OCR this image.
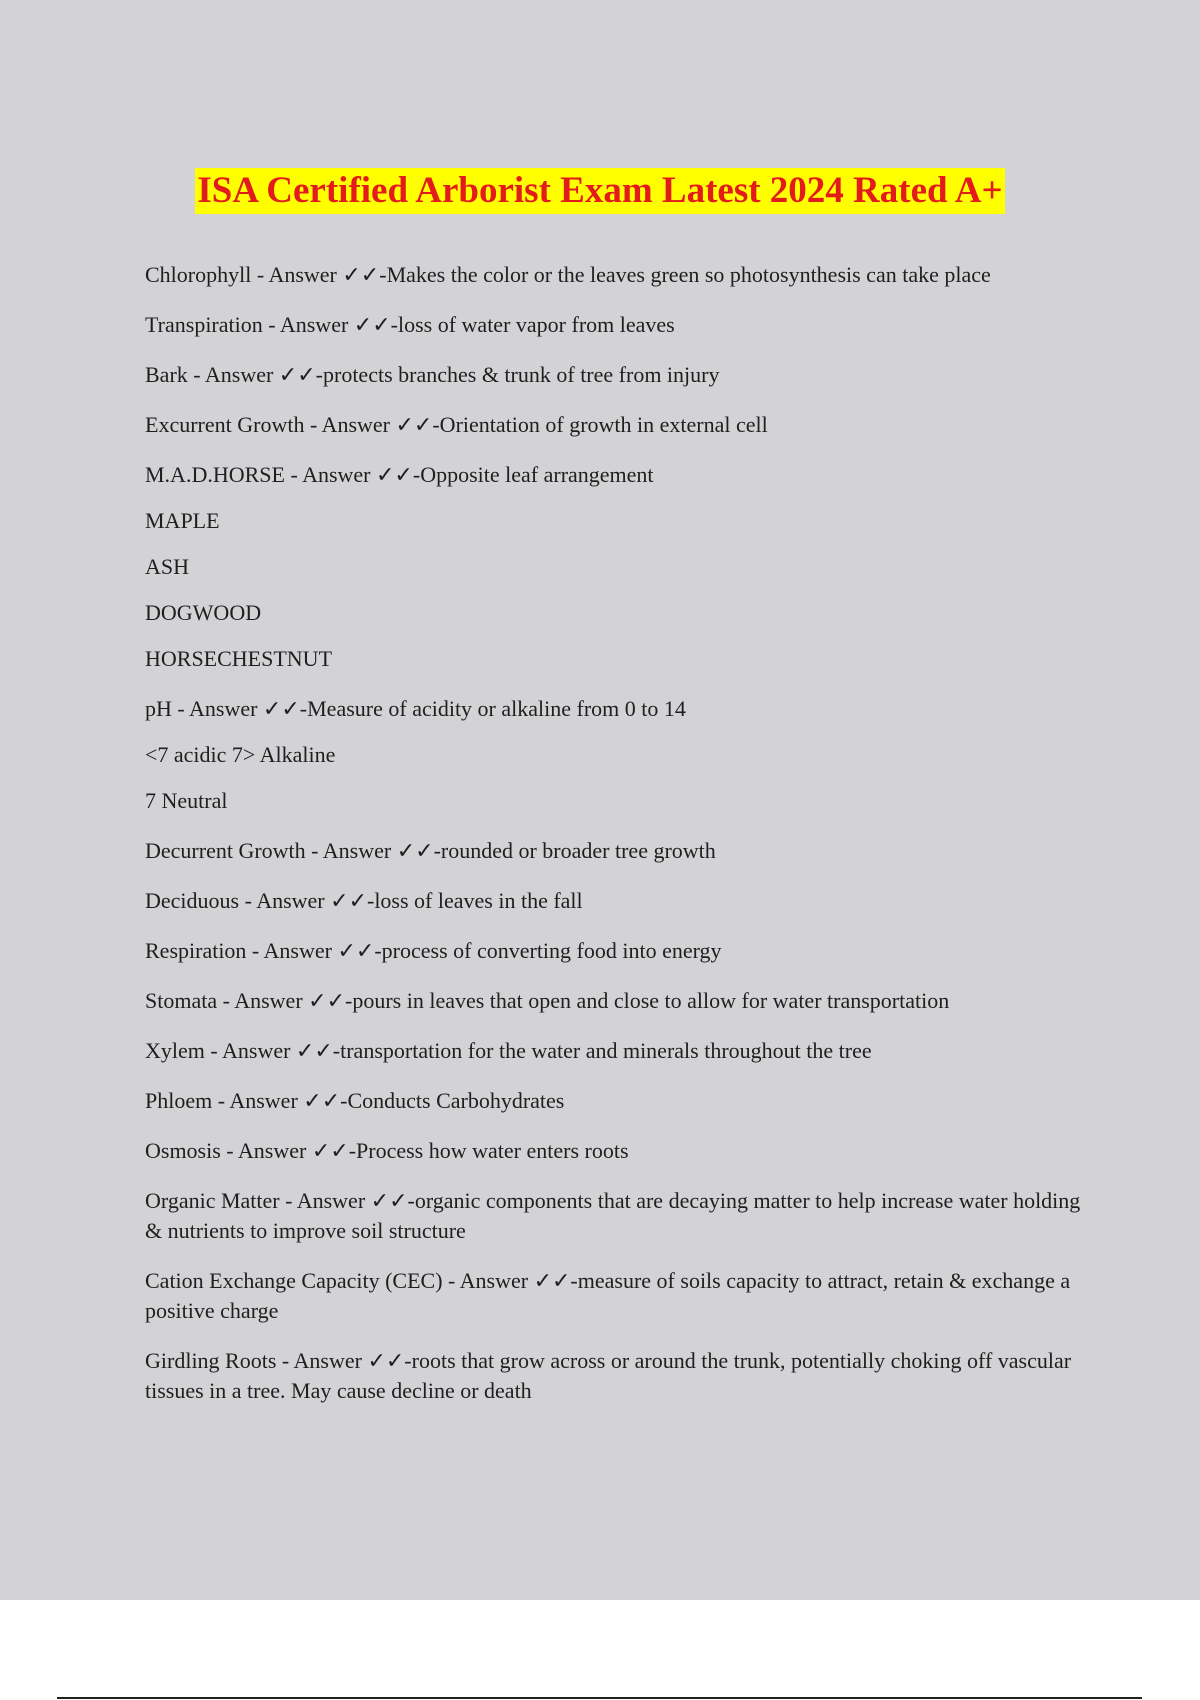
ISA Certified Arborist Exam Latest 2024 Rated A+

Chlorophyll - Answer ✓✓-Makes the color or the leaves green so photosynthesis can take place

Transpiration - Answer ✓✓-loss of water vapor from leaves

Bark - Answer ✓✓-protects branches & trunk of tree from injury

Excurrent Growth - Answer ✓✓-Orientation of growth in external cell

M.A.D.HORSE - Answer ✓✓-Opposite leaf arrangement

MAPLE

ASH

DOGWOOD

HORSECHESTNUT

pH - Answer ✓✓-Measure of acidity or alkaline from 0 to 14

<7 acidic 7> Alkaline

7 Neutral

Decurrent Growth - Answer ✓✓-rounded or broader tree growth

Deciduous - Answer ✓✓-loss of leaves in the fall

Respiration - Answer ✓✓-process of converting food into energy

Stomata - Answer ✓✓-pours in leaves that open and close to allow for water transportation

Xylem - Answer ✓✓-transportation for the water and minerals throughout the tree

Phloem - Answer ✓✓-Conducts Carbohydrates

Osmosis - Answer ✓✓-Process how water enters roots

Organic Matter - Answer ✓✓-organic components that are decaying matter to help increase water holding & nutrients to improve soil structure

Cation Exchange Capacity (CEC) - Answer ✓✓-measure of soils capacity to attract, retain & exchange a positive charge

Girdling Roots - Answer ✓✓-roots that grow across or around the trunk, potentially choking off vascular tissues in a tree. May cause decline or death
